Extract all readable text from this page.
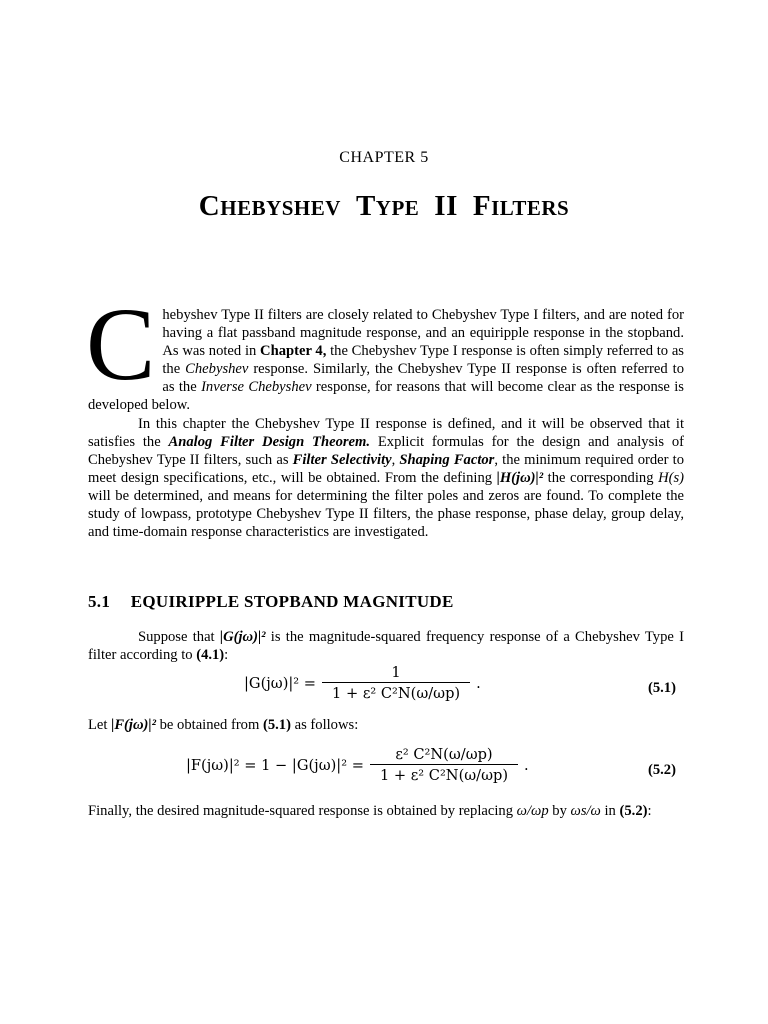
CHAPTER 5
CHEBYSHEV  TYPE  II  FILTERS
C hebyshev Type II filters are closely related to Chebyshev Type I filters, and are noted for having a flat passband magnitude response, and an equiripple response in the stopband. As was noted in Chapter 4, the Chebyshev Type I response is often simply referred to as the Chebyshev response. Similarly, the Chebyshev Type II response is often referred to as the Inverse Chebyshev response, for reasons that will become clear as the response is developed below.
In this chapter the Chebyshev Type II response is defined, and it will be observed that it satisfies the Analog Filter Design Theorem. Explicit formulas for the design and analysis of Chebyshev Type II filters, such as Filter Selectivity, Shaping Factor, the minimum required order to meet design specifications, etc., will be obtained. From the defining |H(jω)|² the corresponding H(s) will be determined, and means for determining the filter poles and zeros are found. To complete the study of lowpass, prototype Chebyshev Type II filters, the phase response, phase delay, group delay, and time-domain response characteristics are investigated.
5.1 EQUIRIPPLE STOPBAND MAGNITUDE
Suppose that |G(jω)|² is the magnitude-squared frequency response of a Chebyshev Type I filter according to (4.1):
$|G(j\omega)|^2 = \frac{1}{\text{1 + ε² C²N(ω/ωp)}}$ .	(5.1)
Let |F(jω)|² be obtained from (5.1) as follows:
$|F(j\omega)|^2 = 1 - |G(j\omega)|^2 = \frac{\text{ε² C²N(ω/ωp)}}{\text{1 + ε² C²N(ω/ωp)}}$ .	(5.2)
Finally, the desired magnitude-squared response is obtained by replacing ω/ωp by ωs/ω in (5.2):
